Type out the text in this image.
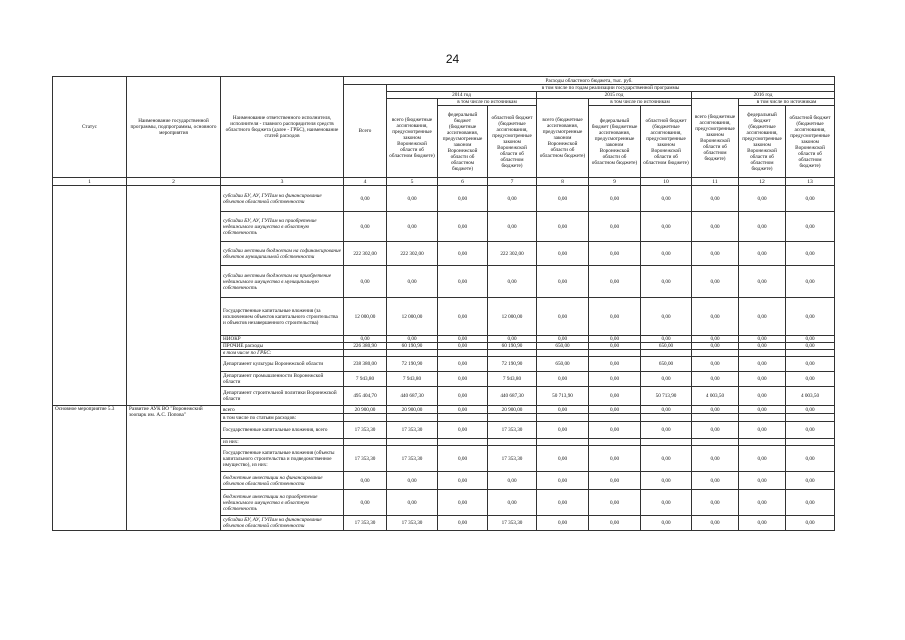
24
Статус	Наименование государственной программы, подпрограммы, основного мероприятия	Наименование ответственного исполнителя, исполнителя - главного распорядителя средств областного бюджета (далее - ГРБС), наименование статей расходов	Расходы областного бюджета, тыс. руб.									
			Всего	в том числе по годам реализации государственной программы								
				2014 год			2015 год			2016 год		
				всего (бюджетные ассигнования, предусмотренные законом Воронежской области об областном бюджете)	в том числе по источникам		всего (бюджетные ассигнования, предусмотренные законом Воронежской области об областном бюджете)	в том числе по источникам		всего (бюджетные ассигнования, предусмотренные законом Воронежской области об областном бюджете)	в том числе по источникам	
					федеральный бюджет (бюджетные ассигнования, предусмотренные законом Воронежской области об областном бюджете)	областной бюджет (бюджетные ассигнования, предусмотренные законом Воронежской области об областном бюджете)		федеральный бюджет (бюджетные ассигнования, предусмотренные законом Воронежской области об областном бюджете)	областной бюджет (бюджетные ассигнования, предусмотренные законом Воронежской области об областном бюджете)		федеральный бюджет (бюджетные ассигнования, предусмотренные законом Воронежской области об областном бюджете)	областной бюджет (бюджетные ассигнования, предусмотренные законом Воронежской области об областном бюджете)
1	2	3	4	5	6	7	8	9	10	11	12	13
		субсидии БУ, АУ, ГУПам на финансирование объектов областной собственности	0,00	0,00	0,00	0,00	0,00	0,00	0,00	0,00	0,00	0,00
		субсидии БУ, АУ, ГУПам на приобретение недвижимого имущества в областную собственность	0,00	0,00	0,00	0,00	0,00	0,00	0,00	0,00	0,00	0,00
		субсидии местным бюджетам на софинансирование объектов муниципальной собственности	222 302,00	222 302,00	0,00	222 302,00	0,00	0,00	0,00	0,00	0,00	0,00
		субсидии местным бюджетам на приобретение недвижимого имущества в муниципальную собственность	0,00	0,00	0,00	0,00	0,00	0,00	0,00	0,00	0,00	0,00
		Государственные капитальные вложения (за исключением объектов капитального строительства и объектов незавершенного строительства)	12 000,00	12 000,00	0,00	12 000,00	0,00	0,00	0,00	0,00	0,00	0,00
		НИОКР	0,00	0,00	0,00	0,00	0,00	0,00	0,00	0,00	0,00	0,00
		ПРОЧИЕ расходы	226 380,90	60 190,90	0,00	60 190,90	650,00	0,00	650,00	0,00	0,00	0,00
		в том числе по ГРБС:										
		Департамент культуры Воронежской области	238 380,00	72 190,90	0,00	72 190,90	650,00	0,00	650,00	0,00	0,00	0,00
		Департамент промышленности Воронежской области	7 943,80	7 943,80	0,00	7 943,80	0,00	0,00	0,00	0,00	0,00	0,00
		Департамент строительной политики Воронежской области	495 404,70	440 687,30	0,00	440 687,30	50 713,90	0,00	50 713,90	4 003,50	0,00	4 003,50
Основное мероприятие 5.3	Развитие АУК ВО "Воронежский зоопарк им. А.С. Попова"	всего	20 900,00	20 900,00	0,00	20 900,00	0,00	0,00	0,00	0,00	0,00	0,00
		в том числе по статьям расходов:										
		Государственные капитальные вложения, всего	17 353,30	17 353,30	0,00	17 353,30	0,00	0,00	0,00	0,00	0,00	0,00
		из них:										
		Государственные капитальные вложения (объекты капитального строительства и подведомственное имущество), из них:	17 353,30	17 353,30	0,00	17 353,30	0,00	0,00	0,00	0,00	0,00	0,00
		бюджетные инвестиции на финансирование объектов областной собственности	0,00	0,00	0,00	0,00	0,00	0,00	0,00	0,00	0,00	0,00
		бюджетные инвестиции на приобретение недвижимого имущества в областную собственность	0,00	0,00	0,00	0,00	0,00	0,00	0,00	0,00	0,00	0,00
		субсидии БУ, АУ, ГУПам на финансирование объектов областной собственности	17 353,30	17 353,30	0,00	17 353,30	0,00	0,00	0,00	0,00	0,00	0,00
